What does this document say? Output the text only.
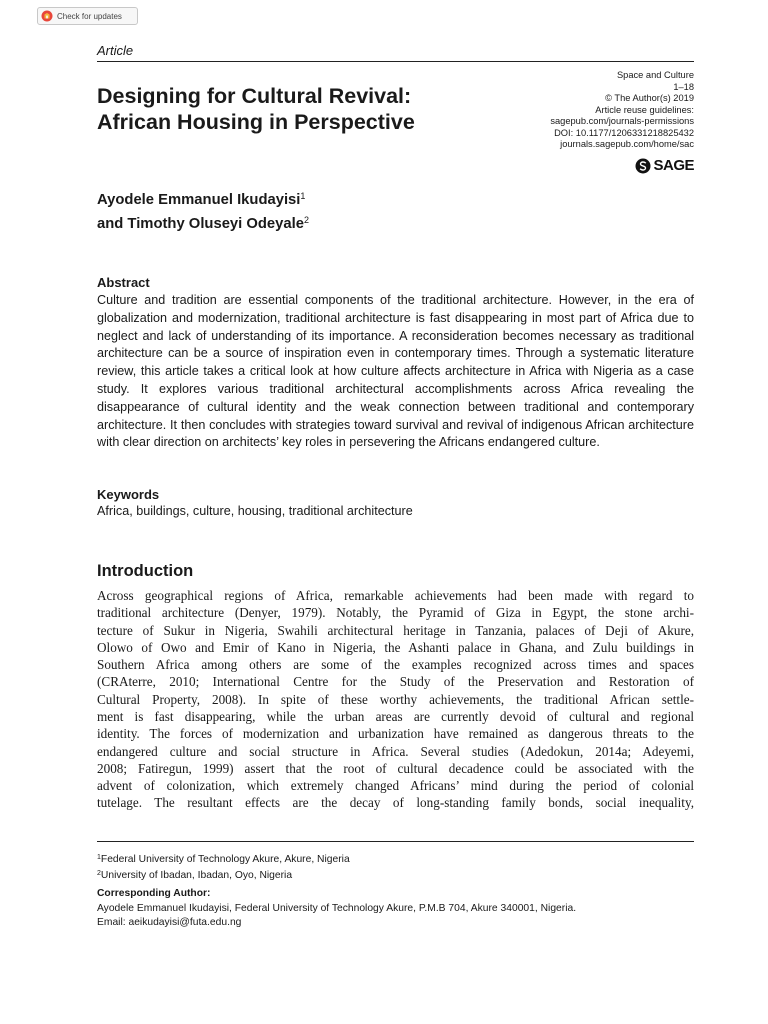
Check for updates
Article
Designing for Cultural Revival:
African Housing in Perspective
Space and Culture
1–18
© The Author(s) 2019
Article reuse guidelines:
sagepub.com/journals-permissions
DOI: 10.1177/1206331218825432
journals.sagepub.com/home/sac
SAGE
Ayodele Emmanuel Ikudayisi$^1$
and Timothy Oluseyi Odeyale$^2$
Abstract

Culture and tradition are essential components of the traditional architecture. However, in the era of globalization and modernization, traditional architecture is fast disappearing in most part of Africa due to neglect and lack of understanding of its importance. A reconsideration becomes necessary as traditional architecture can be a source of inspiration even in contemporary times. Through a systematic literature review, this article takes a critical look at how culture affects architecture in Africa with Nigeria as a case study. It explores various traditional architectural accomplishments across Africa revealing the disappearance of cultural identity and the weak connection between traditional and contemporary architecture. It then concludes with strategies toward survival and revival of indigenous African architecture with clear direction on architects’ key roles in persevering the Africans endangered culture.

Keywords
Africa, buildings, culture, housing, traditional architecture
Introduction

Across geographical regions of Africa, remarkable achievements had been made with regard to
traditional architecture (Denyer, 1979). Notably, the Pyramid of Giza in Egypt, the stone archi-
tecture of Sukur in Nigeria, Swahili architectural heritage in Tanzania, palaces of Deji of Akure,
Olowo of Owo and Emir of Kano in Nigeria, the Ashanti palace in Ghana, and Zulu buildings in
Southern Africa among others are some of the examples recognized across times and spaces
(CRAterre, 2010; International Centre for the Study of the Preservation and Restoration of
Cultural Property, 2008). In spite of these worthy achievements, the traditional African settle-
ment is fast disappearing, while the urban areas are currently devoid of cultural and regional
identity. The forces of modernization and urbanization have remained as dangerous threats to the
endangered culture and social structure in Africa. Several studies (Adedokun, 2014a; Adeyemi,
2008; Fatiregun, 1999) assert that the root of cultural decadence could be associated with the
advent of colonization, which extremely changed Africans’ mind during the period of colonial
tutelage. The resultant effects are the decay of long-standing family bonds, social inequality,

$^1$Federal University of Technology Akure, Akure, Nigeria
$^2$University of Ibadan, Ibadan, Oyo, Nigeria
Corresponding Author:
Ayodele Emmanuel Ikudayisi, Federal University of Technology Akure, P.M.B 704, Akure 340001, Nigeria.
Email: aeikudayisi@futa.edu.ng
